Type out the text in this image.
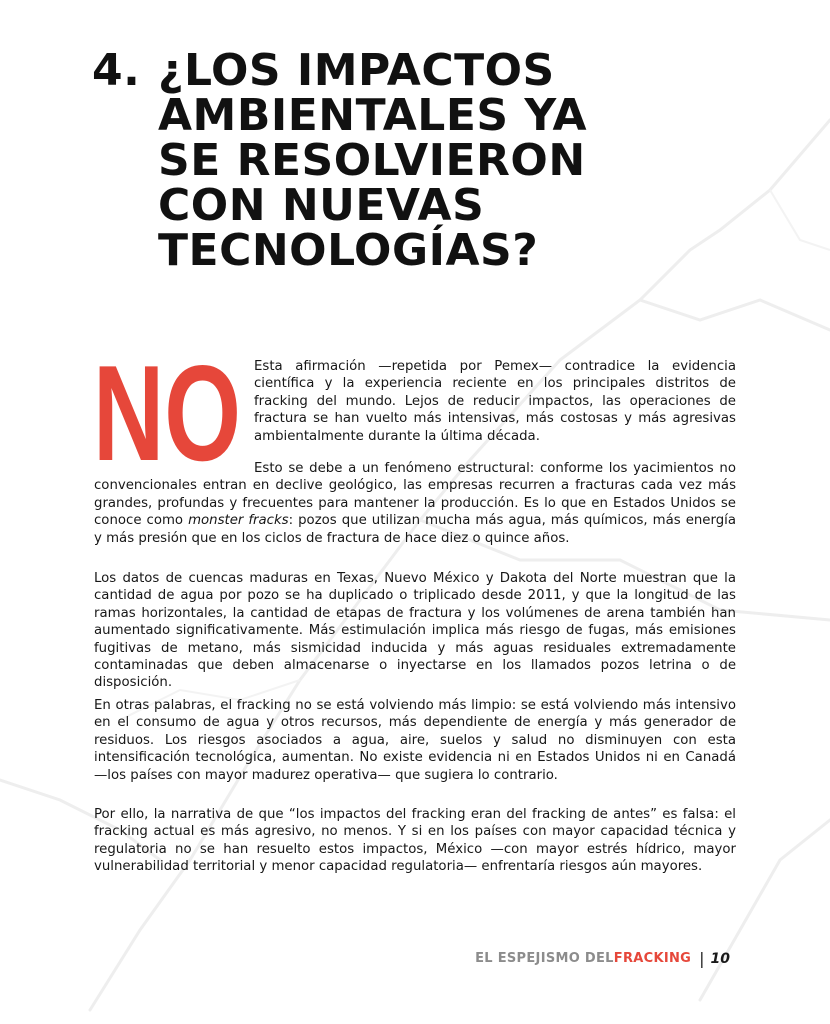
4. ¿LOS IMPACTOS
AMBIENTALES YA
SE RESOLVIERON
CON NUEVAS
TECNOLOGÍAS?
NO Esta afirmación —repetida por Pemex— contradice la evidencia científica y la experiencia reciente en los principales distritos de fracking del mundo. Lejos de reducir impactos, las operaciones de fractura se han vuelto más intensivas, más costosas y más agresivas ambientalmente durante la última década.

Esto se debe a un fenómeno estructural: conforme los yacimientos no convencionales entran en declive geológico, las empresas recurren a fracturas cada vez más grandes, profundas y frecuentes para mantener la producción. Es lo que en Estados Unidos se conoce como monster fracks: pozos que utilizan mucha más agua, más químicos, más energía y más presión que en los ciclos de fractura de hace diez o quince años.

Los datos de cuencas maduras en Texas, Nuevo México y Dakota del Norte muestran que la cantidad de agua por pozo se ha duplicado o triplicado desde 2011, y que la longitud de las ramas horizontales, la cantidad de etapas de fractura y los volúmenes de arena también han aumentado significativamente. Más estimulación implica más riesgo de fugas, más emisiones fugitivas de metano, más sismicidad inducida y más aguas residuales extremadamente contaminadas que deben almacenarse o inyectarse en los llamados pozos letrina o de disposición.

En otras palabras, el fracking no se está volviendo más limpio: se está volviendo más intensivo en el consumo de agua y otros recursos, más dependiente de energía y más generador de residuos. Los riesgos asociados a agua, aire, suelos y salud no disminuyen con esta intensificación tecnológica, aumentan. No existe evidencia ni en Estados Unidos ni en Canadá —los países con mayor madurez operativa— que sugiera lo contrario.

Por ello, la narrativa de que “los impactos del fracking eran del fracking de antes” es falsa: el fracking actual es más agresivo, no menos. Y si en los países con mayor capacidad técnica y regulatoria no se han resuelto estos impactos, México —con mayor estrés hídrico, mayor vulnerabilidad territorial y menor capacidad regulatoria— enfrentaría riesgos aún mayores.

EL ESPEJISMO DEL FRACKING | 10
